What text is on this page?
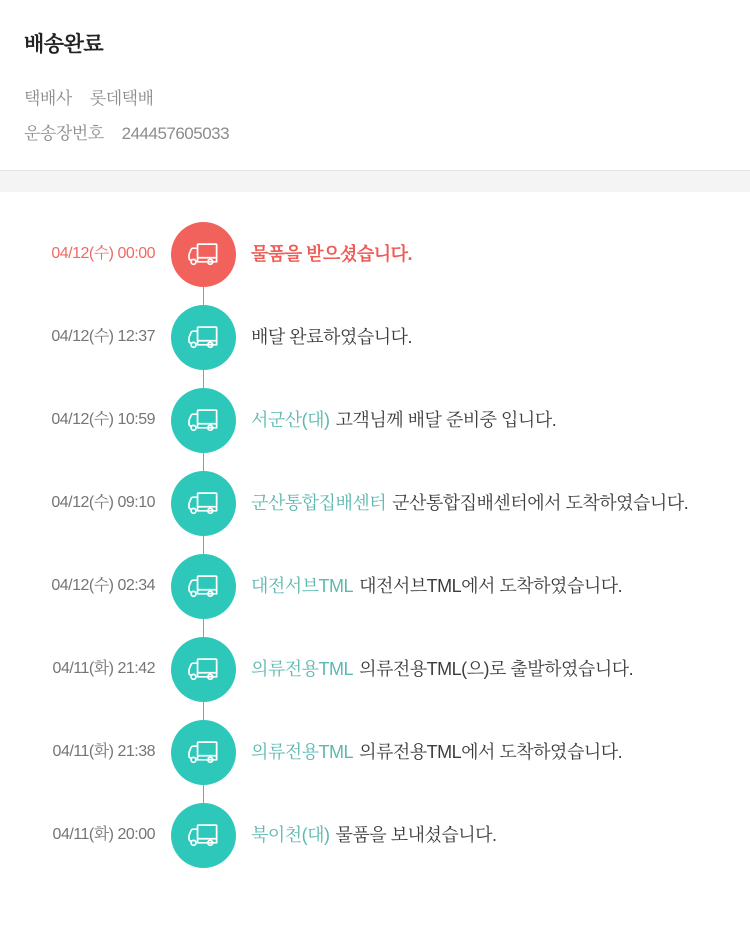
배송완료
택배사 롯데택배
운송장번호 244457605033
04/12(수) 00:00	물품을 받으셨습니다.
04/12(수) 12:37	배달 완료하였습니다.
04/12(수) 10:59	서군산(대) 고객님께 배달 준비중 입니다.
04/12(수) 09:10	군산통합집배센터 군산통합집배센터에서 도착하였습니다.
04/12(수) 02:34	대전서브TML 대전서브TML에서 도착하였습니다.
04/11(화) 21:42	의류전용TML 의류전용TML(으)로 출발하였습니다.
04/11(화) 21:38	의류전용TML 의류전용TML에서 도착하였습니다.
04/11(화) 20:00	북이천(대) 물품을 보내셨습니다.
